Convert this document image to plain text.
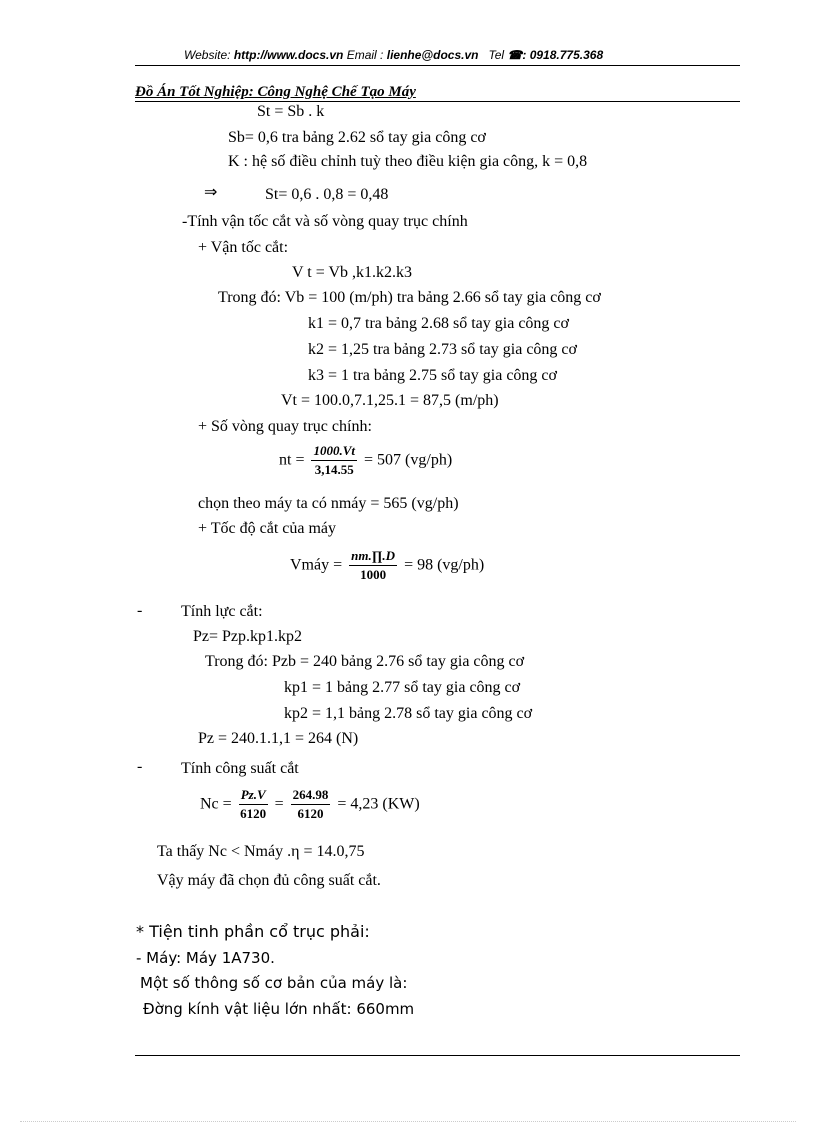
Website: http://www.docs.vn Email : lienhe@docs.vn Tel ☎: 0918.775.368
Đồ Án Tốt Nghiệp: Công Nghệ Chế Tạo Máy
St = Sb . k
Sb= 0,6 tra bảng 2.62 sổ tay gia công cơ
K : hệ số điều chỉnh tuỳ theo điều kiện gia công, k = 0,8
⇒	St= 0,6 . 0,8 = 0,48
-Tính vận tốc cắt và số vòng quay trục chính
+ Vận tốc cắt:
V t = Vb ,k1.k2.k3
Trong đó: Vb = 100 (m/ph) tra bảng 2.66 sổ tay gia công cơ
k1 = 0,7 tra bảng 2.68 sổ tay gia công cơ
k2 = 1,25 tra bảng 2.73 sổ tay gia công cơ
k3 = 1 tra bảng 2.75 sổ tay gia công cơ
Vt = 100.0,7.1,25.1 = 87,5 (m/ph)
+ Số vòng quay trục chính:
nt = $\frac{1000.Vt}{3,14.55} = 507$ (vg/ph)
chọn theo máy ta có nmáy = 565 (vg/ph)
+ Tốc độ cắt của máy
Vmáy = $\frac{nm.\prod.D}{1000} = 98$ (vg/ph)
- Tính lực cắt:
Pz= Pzp.kp1.kp2
Trong đó: Pzb = 240 bảng 2.76 sổ tay gia công cơ
kp1 = 1 bảng 2.77 sổ tay gia công cơ
kp2 = 1,1 bảng 2.78 sổ tay gia công cơ
Pz = 240.1.1,1 = 264 (N)
- Tính công suất cắt
$Nc = \frac{Pz.V}{6120} = \frac{264.98}{6120} = 4,23$ (KW)
Ta thấy Nc < Nmáy .η = 14.0,75
Vậy máy đã chọn đủ công suất cắt.
* Tiện tinh phần cổ trục phải:
- Máy: Máy 1A730.
Một số thông số cơ bản của máy là:
Đờng kính vật liệu lớn nhất: 660mm
